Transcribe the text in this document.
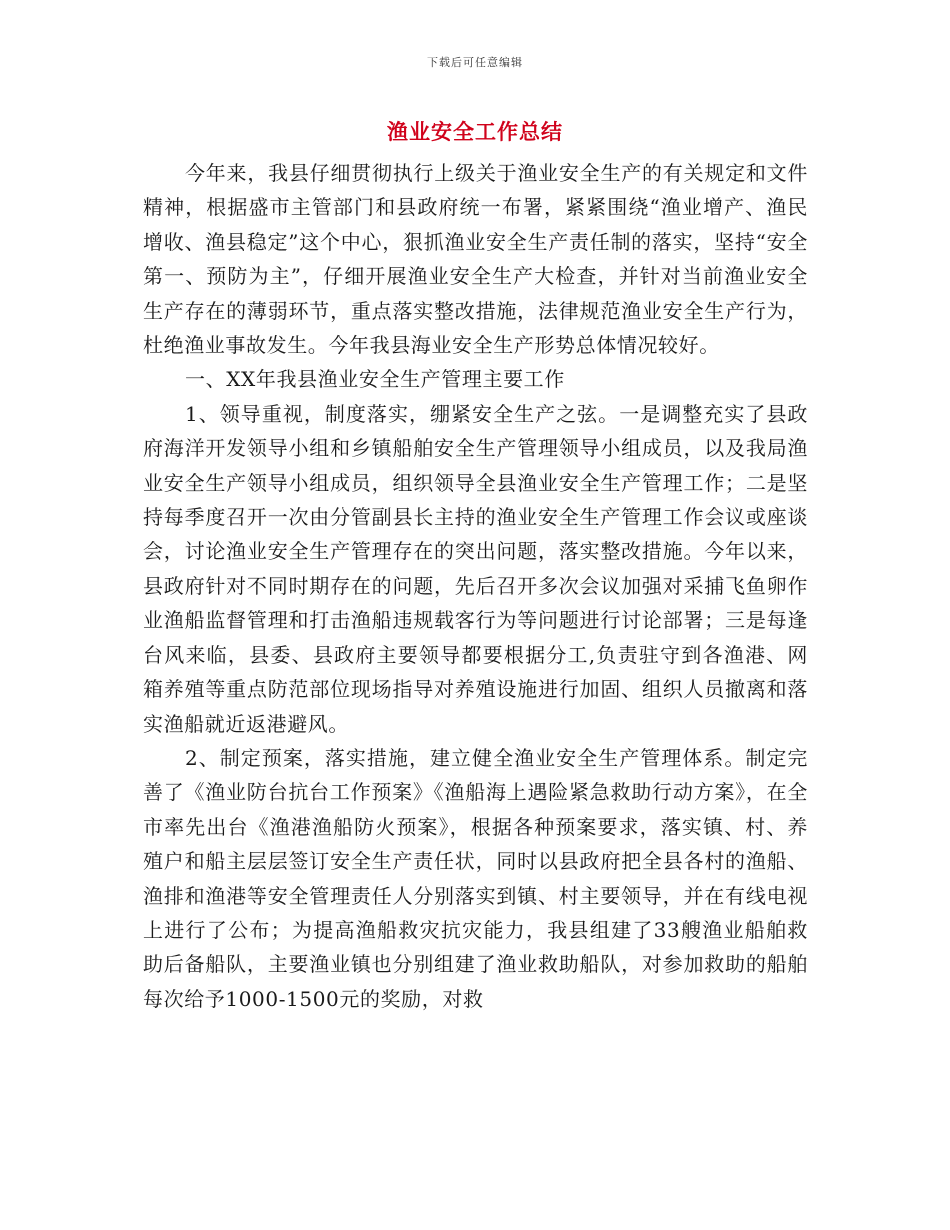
下载后可任意编辑
渔业安全工作总结

今年来，我县仔细贯彻执行上级关于渔业安全生产的有关规定和文件精神，根据盛市主管部门和县政府统一布署，紧紧围绕“渔业增产、渔民增收、渔县稳定”这个中心，狠抓渔业安全生产责任制的落实，坚持“安全第一、预防为主”，仔细开展渔业安全生产大检查，并针对当前渔业安全生产存在的薄弱环节，重点落实整改措施，法律规范渔业安全生产行为，杜绝渔业事故发生。今年我县海业安全生产形势总体情况较好。

一、XX年我县渔业安全生产管理主要工作

1、领导重视，制度落实，绷紧安全生产之弦。一是调整充实了县政府海洋开发领导小组和乡镇船舶安全生产管理领导小组成员，以及我局渔业安全生产领导小组成员，组织领导全县渔业安全生产管理工作；二是坚持每季度召开一次由分管副县长主持的渔业安全生产管理工作会议或座谈会，讨论渔业安全生产管理存在的突出问题，落实整改措施。今年以来，县政府针对不同时期存在的问题，先后召开多次会议加强对采捕飞鱼卵作业渔船监督管理和打击渔船违规载客行为等问题进行讨论部署；三是每逢台风来临，县委、县政府主要领导都要根据分工,负责驻守到各渔港、网箱养殖等重点防范部位现场指导对养殖设施进行加固、组织人员撤离和落实渔船就近返港避风。

2、制定预案，落实措施，建立健全渔业安全生产管理体系。制定完善了《渔业防台抗台工作预案》《渔船海上遇险紧急救助行动方案》，在全市率先出台《渔港渔船防火预案》，根据各种预案要求，落实镇、村、养殖户和船主层层签订安全生产责任状，同时以县政府把全县各村的渔船、渔排和渔港等安全管理责任人分别落实到镇、村主要领导，并在有线电视上进行了公布；为提高渔船救灾抗灾能力，我县组建了33艘渔业船舶救助后备船队，主要渔业镇也分别组建了渔业救助船队，对参加救助的船舶每次给予1000-1500元的奖励，对救
